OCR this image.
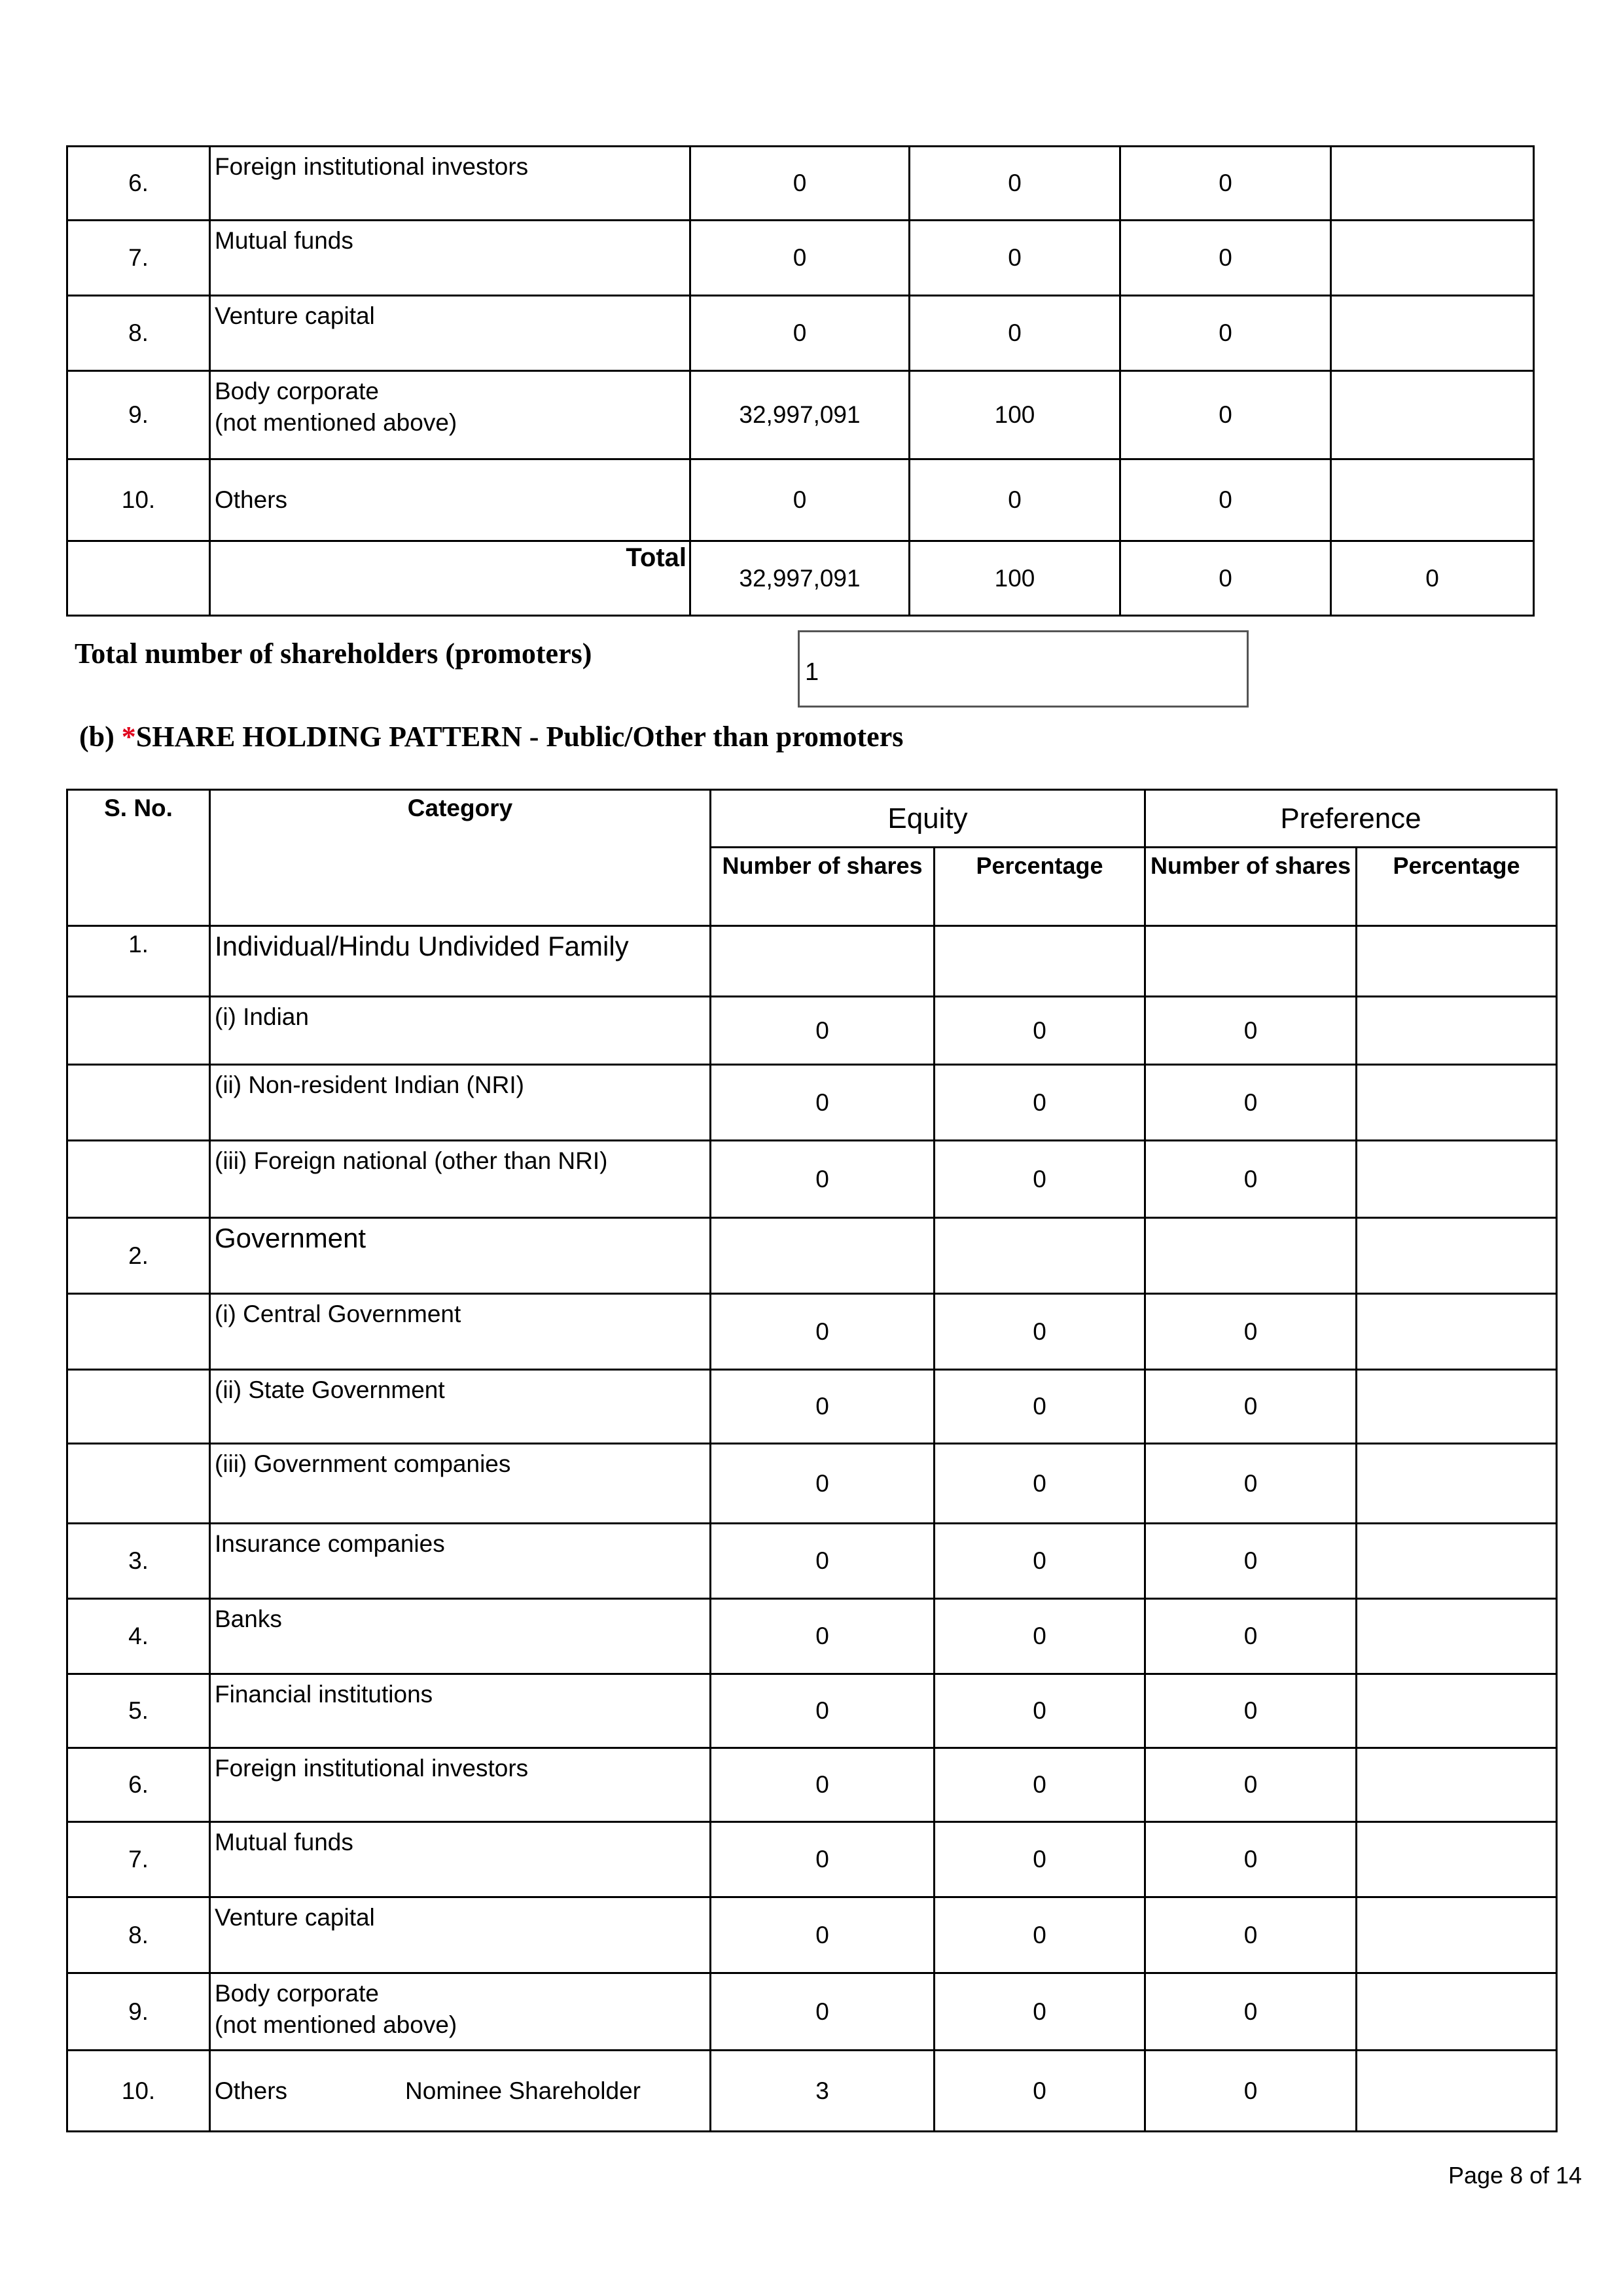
6.	Foreign institutional investors	0	0	0	
7.	Mutual funds	0	0	0	
8.	Venture capital	0	0	0	
9.	Body corporate
(not mentioned above)	32,997,091	100	0	
10.	Others	0	0	0	
	Total	32,997,091	100	0	0
Total number of shareholders (promoters)
1
(b) *SHARE HOLDING PATTERN - Public/Other than promoters
S. No.	Category	Equity		Preference	
		Number of shares	Percentage	Number of shares	Percentage
1.	Individual/Hindu Undivided Family				
	(i) Indian	0	0	0	
	(ii) Non-resident Indian (NRI)	0	0	0	
	(iii) Foreign national (other than NRI)	0	0	0	
2.	Government				
	(i) Central Government	0	0	0	
	(ii) State Government	0	0	0	
	(iii) Government companies	0	0	0	
3.	Insurance companies	0	0	0	
4.	Banks	0	0	0	
5.	Financial institutions	0	0	0	
6.	Foreign institutional investors	0	0	0	
7.	Mutual funds	0	0	0	
8.	Venture capital	0	0	0	
9.	Body corporate
(not mentioned above)	0	0	0	
10.	Others Nominee Shareholder	3	0	0	
Page 8 of 14
